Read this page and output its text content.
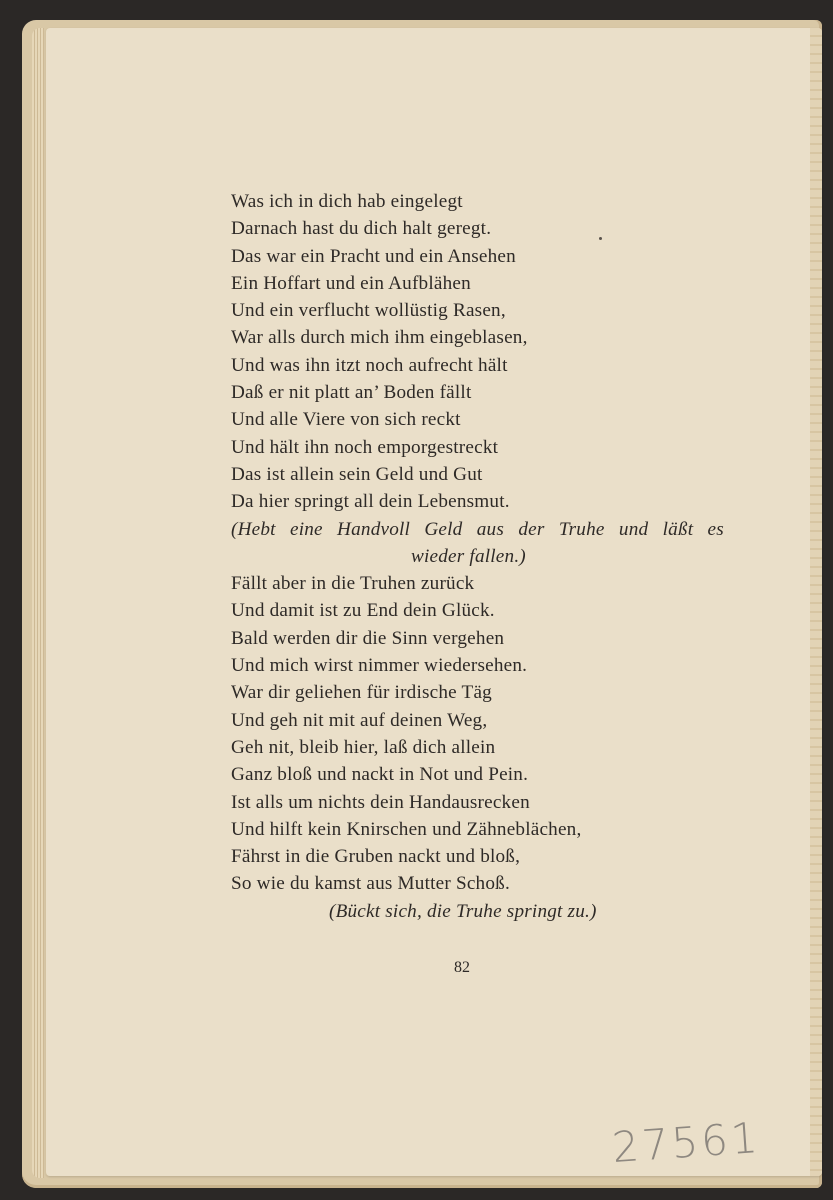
Was ich in dich hab eingelegt
Darnach hast du dich halt geregt.
Das war ein Pracht und ein Ansehen
Ein Hoffart und ein Aufblähen
Und ein verflucht wollüstig Rasen,
War alls durch mich ihm eingeblasen,
Und was ihn itzt noch aufrecht hält
Daß er nit platt an’ Boden fällt
Und alle Viere von sich reckt
Und hält ihn noch emporgestreckt
Das ist allein sein Geld und Gut
Da hier springt all dein Lebensmut.
(Hebt eine Handvoll Geld aus der Truhe und läßt es
wieder fallen.)
Fällt aber in die Truhen zurück
Und damit ist zu End dein Glück.
Bald werden dir die Sinn vergehen
Und mich wirst nimmer wiedersehen.
War dir geliehen für irdische Täg
Und geh nit mit auf deinen Weg,
Geh nit, bleib hier, laß dich allein
Ganz bloß und nackt in Not und Pein.
Ist alls um nichts dein Handausrecken
Und hilft kein Knirschen und Zähneblächen,
Fährst in die Gruben nackt und bloß,
So wie du kamst aus Mutter Schoß.
(Bückt sich, die Truhe springt zu.)
82
27561
